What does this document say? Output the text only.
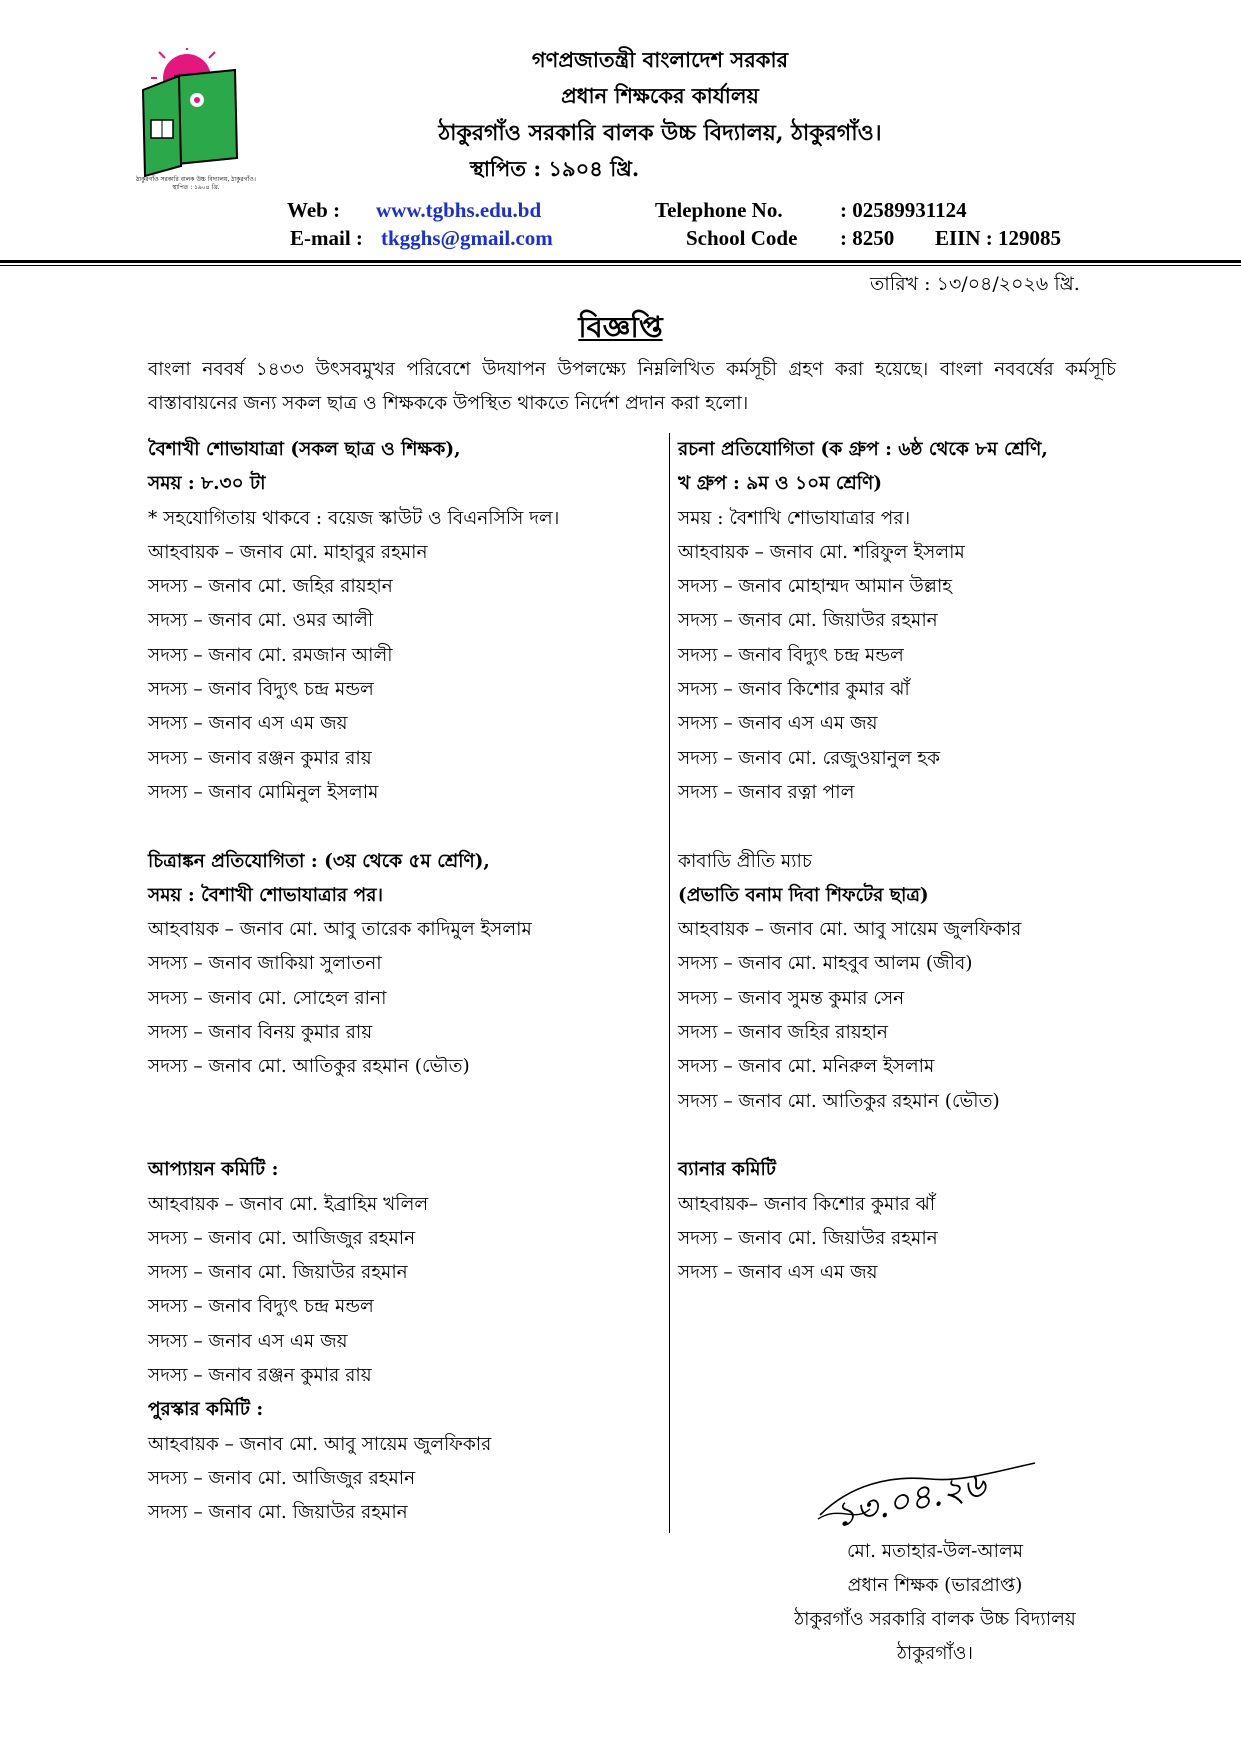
ঠাকুরগাঁও সরকারি বালক উচ্চ বিদ্যালয়, ঠাকুরগাঁও।
স্থাপিত : ১৯০৪ খ্রি.
গণপ্রজাতন্ত্রী বাংলাদেশ সরকার
প্রধান শিক্ষকের কার্যালয়
ঠাকুরগাঁও সরকারি বালক উচ্চ বিদ্যালয়, ঠাকুরগাঁও।
স্থাপিত : ১৯০৪ খ্রি.
Web : www.tgbhs.edu.bd	Telephone No.	: 02589931124
E-mail : tkgghs@gmail.com	School Code : 8250 EIIN : 129085
তারিখ : ১৩/০৪/২০২৬ খ্রি.
বিজ্ঞপ্তি
বাংলা নববর্ষ ১৪৩৩ উৎসবমুখর পরিবেশে উদযাপন উপলক্ষ্যে নিম্নলিখিত কর্মসূচী গ্রহণ করা হয়েছে। বাংলা নববর্ষের কর্মসূচি বাস্তাবায়নের জন্য সকল ছাত্র ও শিক্ষককে উপস্থিত থাকতে নির্দেশ প্রদান করা হলো।
বৈশাখী শোভাযাত্রা (সকল ছাত্র ও শিক্ষক),
সময় : ৮.৩০ টা
* সহযোগিতায় থাকবে : বয়েজ স্কাউট ও বিএনসিসি দল।
আহবায়ক – জনাব মো. মাহাবুর রহমান
সদস্য – জনাব মো. জহির রায়হান
সদস্য – জনাব মো. ওমর আলী
সদস্য – জনাব মো. রমজান আলী
সদস্য – জনাব বিদ্যুৎ চন্দ্র মন্ডল
সদস্য – জনাব এস এম জয়
সদস্য – জনাব রঞ্জন কুমার রায়
সদস্য – জনাব মোমিনুল ইসলাম
চিত্রাঙ্কন প্রতিযোগিতা : (৩য় থেকে ৫ম শ্রেণি),
সময় : বৈশাখী শোভাযাত্রার পর।
আহবায়ক – জনাব মো. আবু তারেক কাদিমুল ইসলাম
সদস্য – জনাব জাকিয়া সুলাতনা
সদস্য – জনাব মো. সোহেল রানা
সদস্য – জনাব বিনয় কুমার রায়
সদস্য – জনাব মো. আতিকুর রহমান (ভৌত)
আপ্যায়ন কমিটি :
আহবায়ক – জনাব মো. ইব্রাহিম খলিল
সদস্য – জনাব মো. আজিজুর রহমান
সদস্য – জনাব মো. জিয়াউর রহমান
সদস্য – জনাব বিদ্যুৎ চন্দ্র মন্ডল
সদস্য – জনাব এস এম জয়
সদস্য – জনাব রঞ্জন কুমার রায়
পুরস্কার কমিটি :
আহবায়ক – জনাব মো. আবু সায়েম জুলফিকার
সদস্য – জনাব মো. আজিজুর রহমান
সদস্য – জনাব মো. জিয়াউর রহমান
রচনা প্রতিযোগিতা (ক গ্রুপ : ৬ষ্ঠ থেকে ৮ম শ্রেণি,
খ গ্রুপ : ৯ম ও ১০ম শ্রেণি)
সময় : বৈশাখি শোভাযাত্রার পর।
আহবায়ক – জনাব মো. শরিফুল ইসলাম
সদস্য – জনাব মোহাম্মদ আমান উল্লাহ
সদস্য – জনাব মো. জিয়াউর রহমান
সদস্য – জনাব বিদ্যুৎ চন্দ্র মন্ডল
সদস্য – জনাব কিশোর কুমার ঝাঁ
সদস্য – জনাব এস এম জয়
সদস্য – জনাব মো. রেজুওয়ানুল হক
সদস্য – জনাব রত্না পাল
কাবাডি প্রীতি ম্যাচ
(প্রভাতি বনাম দিবা শিফটের ছাত্র)
আহবায়ক – জনাব মো. আবু সায়েম জুলফিকার
সদস্য – জনাব মো. মাহবুব আলম (জীব)
সদস্য – জনাব সুমন্ত কুমার সেন
সদস্য – জনাব জহির রায়হান
সদস্য – জনাব মো. মনিরুল ইসলাম
সদস্য – জনাব মো. আতিকুর রহমান (ভৌত)
ব্যানার কমিটি
আহবায়ক– জনাব কিশোর কুমার ঝাঁ
সদস্য – জনাব মো. জিয়াউর রহমান
সদস্য – জনাব এস এম জয়
১৩.০৪.২৬
মো. মতাহার-উল-আলম
প্রধান শিক্ষক (ভারপ্রাপ্ত)
ঠাকুরগাঁও সরকারি বালক উচ্চ বিদ্যালয়
ঠাকুরগাঁও।
